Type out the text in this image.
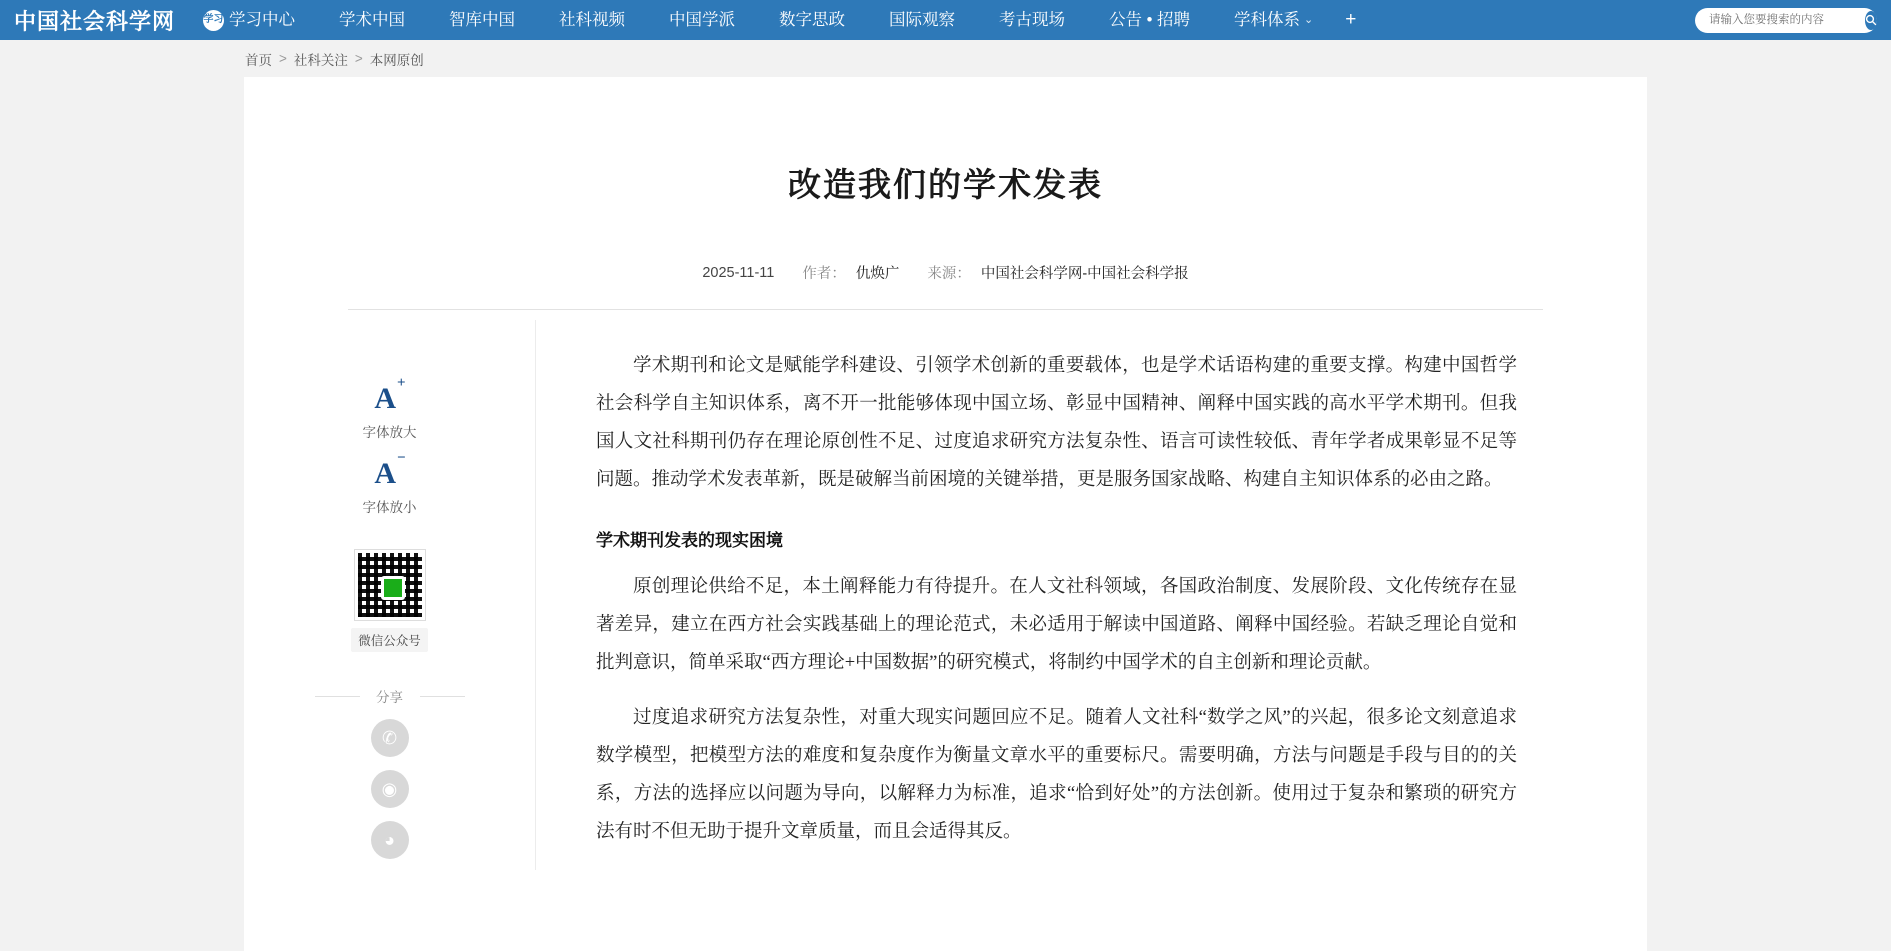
中国社会科学网	学习 学习中心	学术中国	智库中国	社科视频	中国学派	数字思政	国际观察	考古现场	公告 • 招聘	学科体系 ⌄	+
请输入您要搜索的内容
首页 > 社科关注 > 本网原创
改造我们的学术发表
2025-11-11 作者： 仇焕广 来源： 中国社会科学网-中国社会科学报
A+
字体放大
A−
字体放小
微信公众号
分享
✆
◉
◕

学术期刊和论文是赋能学科建设、引领学术创新的重要载体，也是学术话语构建的重要支撑。构建中国哲学社会科学自主知识体系，离不开一批能够体现中国立场、彰显中国精神、阐释中国实践的高水平学术期刊。但我国人文社科期刊仍存在理论原创性不足、过度追求研究方法复杂性、语言可读性较低、青年学者成果彰显不足等问题。推动学术发表革新，既是破解当前困境的关键举措，更是服务国家战略、构建自主知识体系的必由之路。

学术期刊发表的现实困境

原创理论供给不足，本土阐释能力有待提升。在人文社科领域，各国政治制度、发展阶段、文化传统存在显著差异，建立在西方社会实践基础上的理论范式，未必适用于解读中国道路、阐释中国经验。若缺乏理论自觉和批判意识，简单采取“西方理论+中国数据”的研究模式，将制约中国学术的自主创新和理论贡献。

过度追求研究方法复杂性，对重大现实问题回应不足。随着人文社科“数学之风”的兴起，很多论文刻意追求数学模型，把模型方法的难度和复杂度作为衡量文章水平的重要标尺。需要明确，方法与问题是手段与目的的关系，方法的选择应以问题为导向，以解释力为标准，追求“恰到好处”的方法创新。使用过于复杂和繁琐的研究方法有时不但无助于提升文章质量，而且会适得其反。
